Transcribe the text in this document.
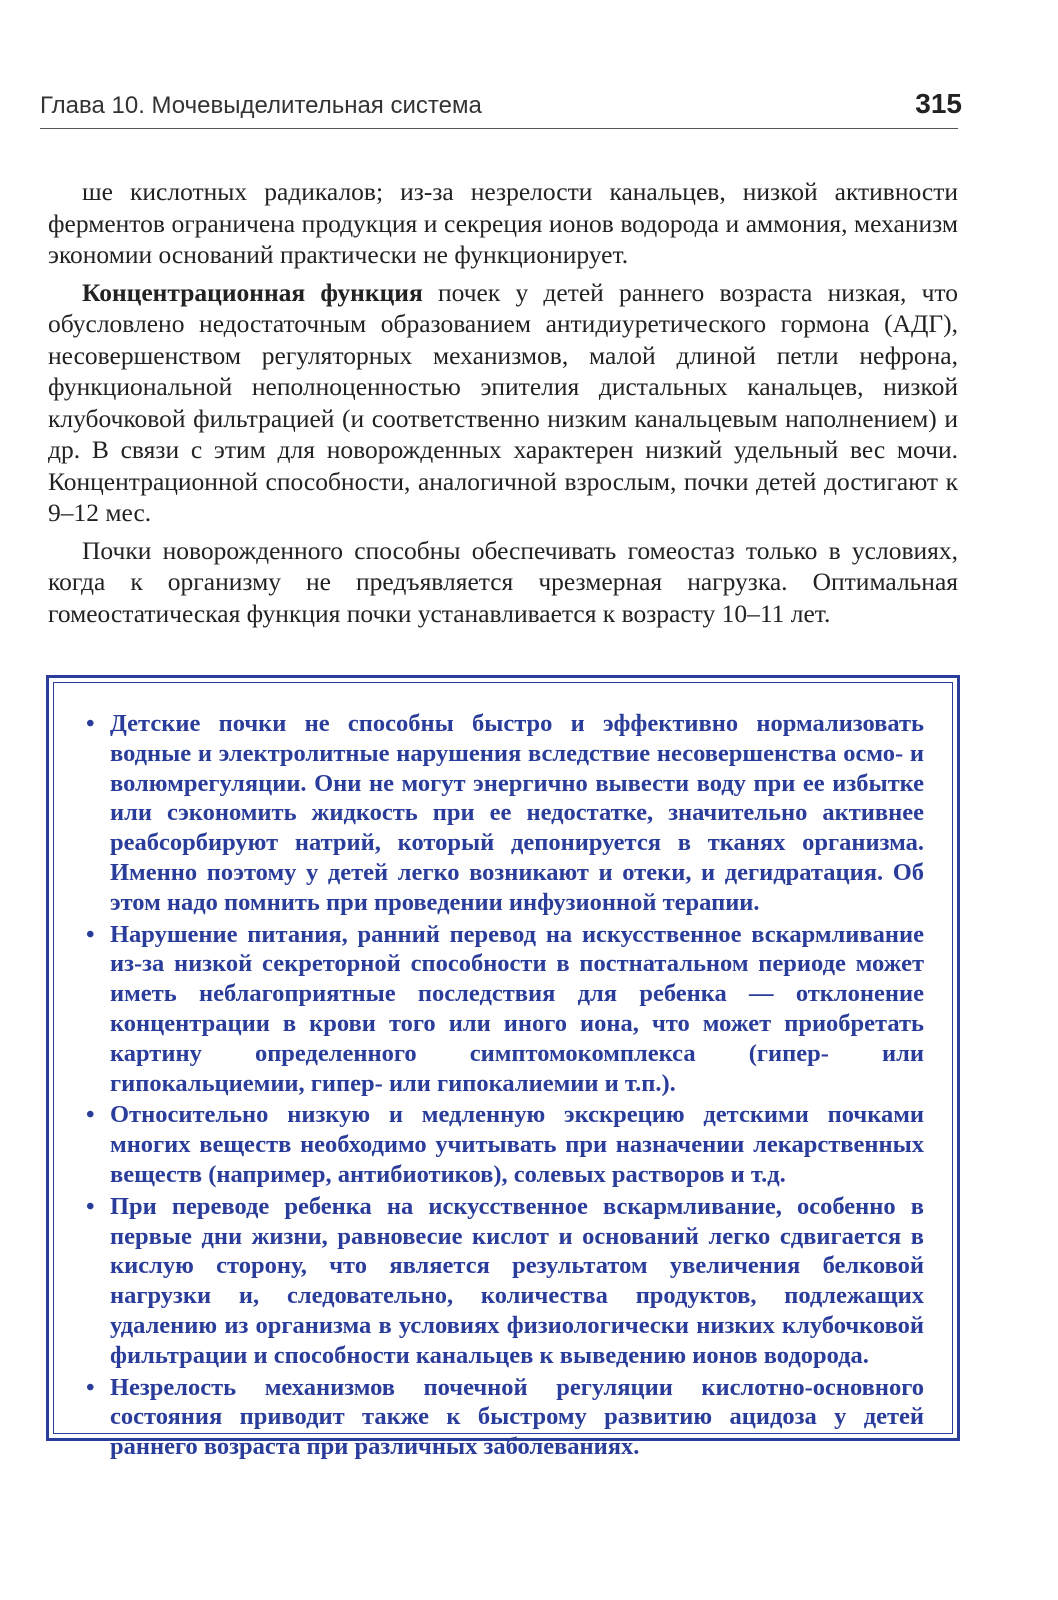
Глава 10. Мочевыделительная система	315

ше кислотных радикалов; из-за незрелости канальцев, низкой активности ферментов ограничена продукция и секреция ионов водорода и аммония, механизм экономии оснований практически не функционирует.

Концентрационная функция почек у детей раннего возраста низкая, что обусловлено недостаточным образованием антидиуретического гормона (АДГ), несовершенством регуляторных механизмов, малой длиной петли нефрона, функциональной неполноценностью эпителия дистальных канальцев, низкой клубочковой фильтрацией (и соответственно низким канальцевым наполнением) и др. В связи с этим для новорожденных характерен низкий удельный вес мочи. Концентрационной способности, аналогичной взрослым, почки детей достигают к 9–12 мес.

Почки новорожденного способны обеспечивать гомеостаз только в условиях, когда к организму не предъявляется чрезмерная нагрузка. Оптимальная гомеостатическая функция почки устанавливается к возрасту 10–11 лет.

• Детские почки не способны быстро и эффективно нормализовать водные и электролитные нарушения вследствие несовершенства осмо- и волюмрегуляции. Они не могут энергично вывести воду при ее избытке или сэкономить жидкость при ее недостатке, значительно активнее реабсорбируют натрий, который депонируется в тканях организма. Именно поэтому у детей легко возникают и отеки, и дегидратация. Об этом надо помнить при проведении инфузионной терапии.
• Нарушение питания, ранний перевод на искусственное вскармливание из-за низкой секреторной способности в постнатальном периоде может иметь неблагоприятные последствия для ребенка — отклонение концентрации в крови того или иного иона, что может приобретать картину определенного симптомокомплекса (гипер- или гипокальциемии, гипер- или гипокалиемии и т.п.).
• Относительно низкую и медленную экскрецию детскими почками многих веществ необходимо учитывать при назначении лекарственных веществ (например, антибиотиков), солевых растворов и т.д.
• При переводе ребенка на искусственное вскармливание, особенно в первые дни жизни, равновесие кислот и оснований легко сдвигается в кислую сторону, что является результатом увеличения белковой нагрузки и, следовательно, количества продуктов, подлежащих удалению из организма в условиях физиологически низких клубочковой фильтрации и способности канальцев к выведению ионов водорода.
• Незрелость механизмов почечной регуляции кислотно-основного состояния приводит также к быстрому развитию ацидоза у детей раннего возраста при различных заболеваниях.
